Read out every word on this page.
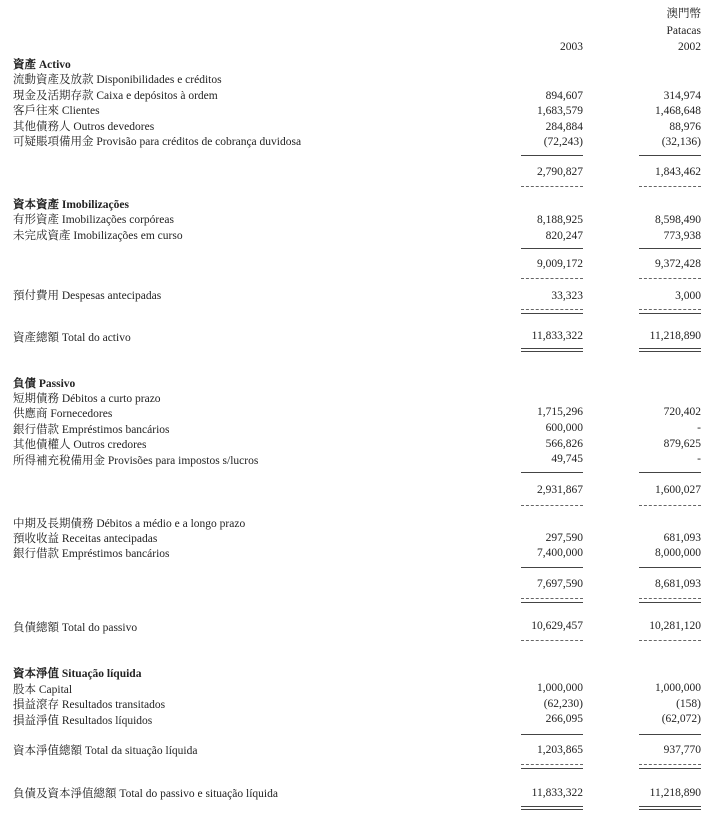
澳門幣
Patacas
2003	2002
資產 Activo
流動資產及放款 Disponibilidades e créditos
現金及活期存款 Caixa e depósitos à ordem	894,607	314,974
客戶往來 Clientes	1,683,579	1,468,648
其他債務人 Outros devedores	284,884	88,976
可疑賬項備用金 Provisão para créditos de cobrança duvidosa	(72,243)	(32,136)
2,790,827	1,843,462
資本資產 Imobilizações
有形資產 Imobilizações corpóreas	8,188,925	8,598,490
未完成資產 Imobilizações em curso	820,247	773,938
9,009,172	9,372,428
預付費用 Despesas antecipadas	33,323	3,000
資產總額 Total do activo	11,833,322	11,218,890
負債 Passivo
短期債務 Débitos a curto prazo
供應商 Fornecedores	1,715,296	720,402
銀行借款 Empréstimos bancários	600,000	-
其他債權人 Outros credores	566,826	879,625
所得補充稅備用金 Provisões para impostos s/lucros	49,745	-
2,931,867	1,600,027
中期及長期債務 Débitos a médio e a longo prazo
預收收益 Receitas antecipadas	297,590	681,093
銀行借款 Empréstimos bancários	7,400,000	8,000,000
7,697,590	8,681,093
負債總額 Total do passivo	10,629,457	10,281,120
資本淨值 Situação líquida
股本 Capital	1,000,000	1,000,000
損益滾存 Resultados transitados	(62,230)	(158)
損益淨值 Resultados líquidos	266,095	(62,072)
資本淨值總額 Total da situação líquida	1,203,865	937,770
負債及資本淨值總額 Total do passivo e situação líquida	11,833,322	11,218,890
